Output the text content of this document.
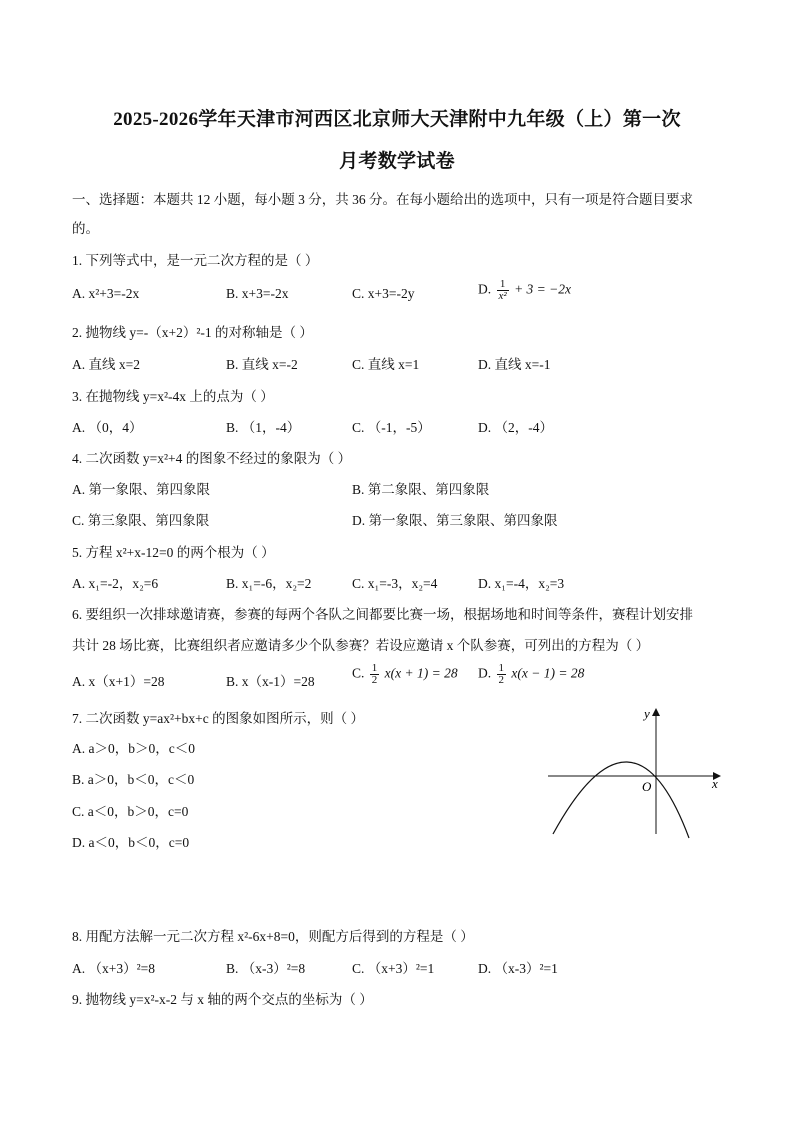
2025-2026学年天津市河西区北京师大天津附中九年级（上）第一次
月考数学试卷
一、选择题：本题共 12 小题，每小题 3 分，共 36 分。在每小题给出的选项中，只有一项是符合题目要求
的。
1. 下列等式中，是一元二次方程的是（ ）
A. x²+3=-2x	B. x+3=-2x	C. x+3=-2y	D. $\frac{1}{\text{x²}} + 3 = -2x$
2. 抛物线 y=-（x+2）²-1 的对称轴是（ ）
A. 直线 x=2	B. 直线 x=-2	C. 直线 x=1	D. 直线 x=-1
3. 在抛物线 y=x²-4x 上的点为（ ）
A. （0，4）	B. （1，-4）	C. （-1，-5）	D. （2，-4）
4. 二次函数 y=x²+4 的图象不经过的象限为（ ）
A. 第一象限、第四象限	B. 第二象限、第四象限
C. 第三象限、第四象限	D. 第一象限、第三象限、第四象限
5. 方程 x²+x-12=0 的两个根为（ ）
A. x₁=-2，x₂=6	B. x₁=-6，x₂=2	C. x₁=-3，x₂=4	D. x₁=-4，x₂=3
6. 要组织一次排球邀请赛，参赛的每两个各队之间都要比赛一场，根据场地和时间等条件，赛程计划安排
共计 28 场比赛，比赛组织者应邀请多少个队参赛？若设应邀请 x 个队参赛，可列出的方程为（ ）
A. x（x+1）=28	B. x（x-1）=28
C. $\frac{1}{2} x(x + 1) = 28$ D. $\frac{1}{2} x(x - 1) = 28$
7. 二次函数 y=ax²+bx+c 的图象如图所示，则（ ）
A. a＞0，b＞0，c＜0
B. a＞0，b＜0，c＜0
C. a＜0，b＞0，c=0
D. a＜0，b＜0，c=0
y
x
O
8. 用配方法解一元二次方程 x²-6x+8=0，则配方后得到的方程是（ ）
A. （x+3）²=8	B. （x-3）²=8	C. （x+3）²=1	D. （x-3）²=1
9. 抛物线 y=x²-x-2 与 x 轴的两个交点的坐标为（ ）
